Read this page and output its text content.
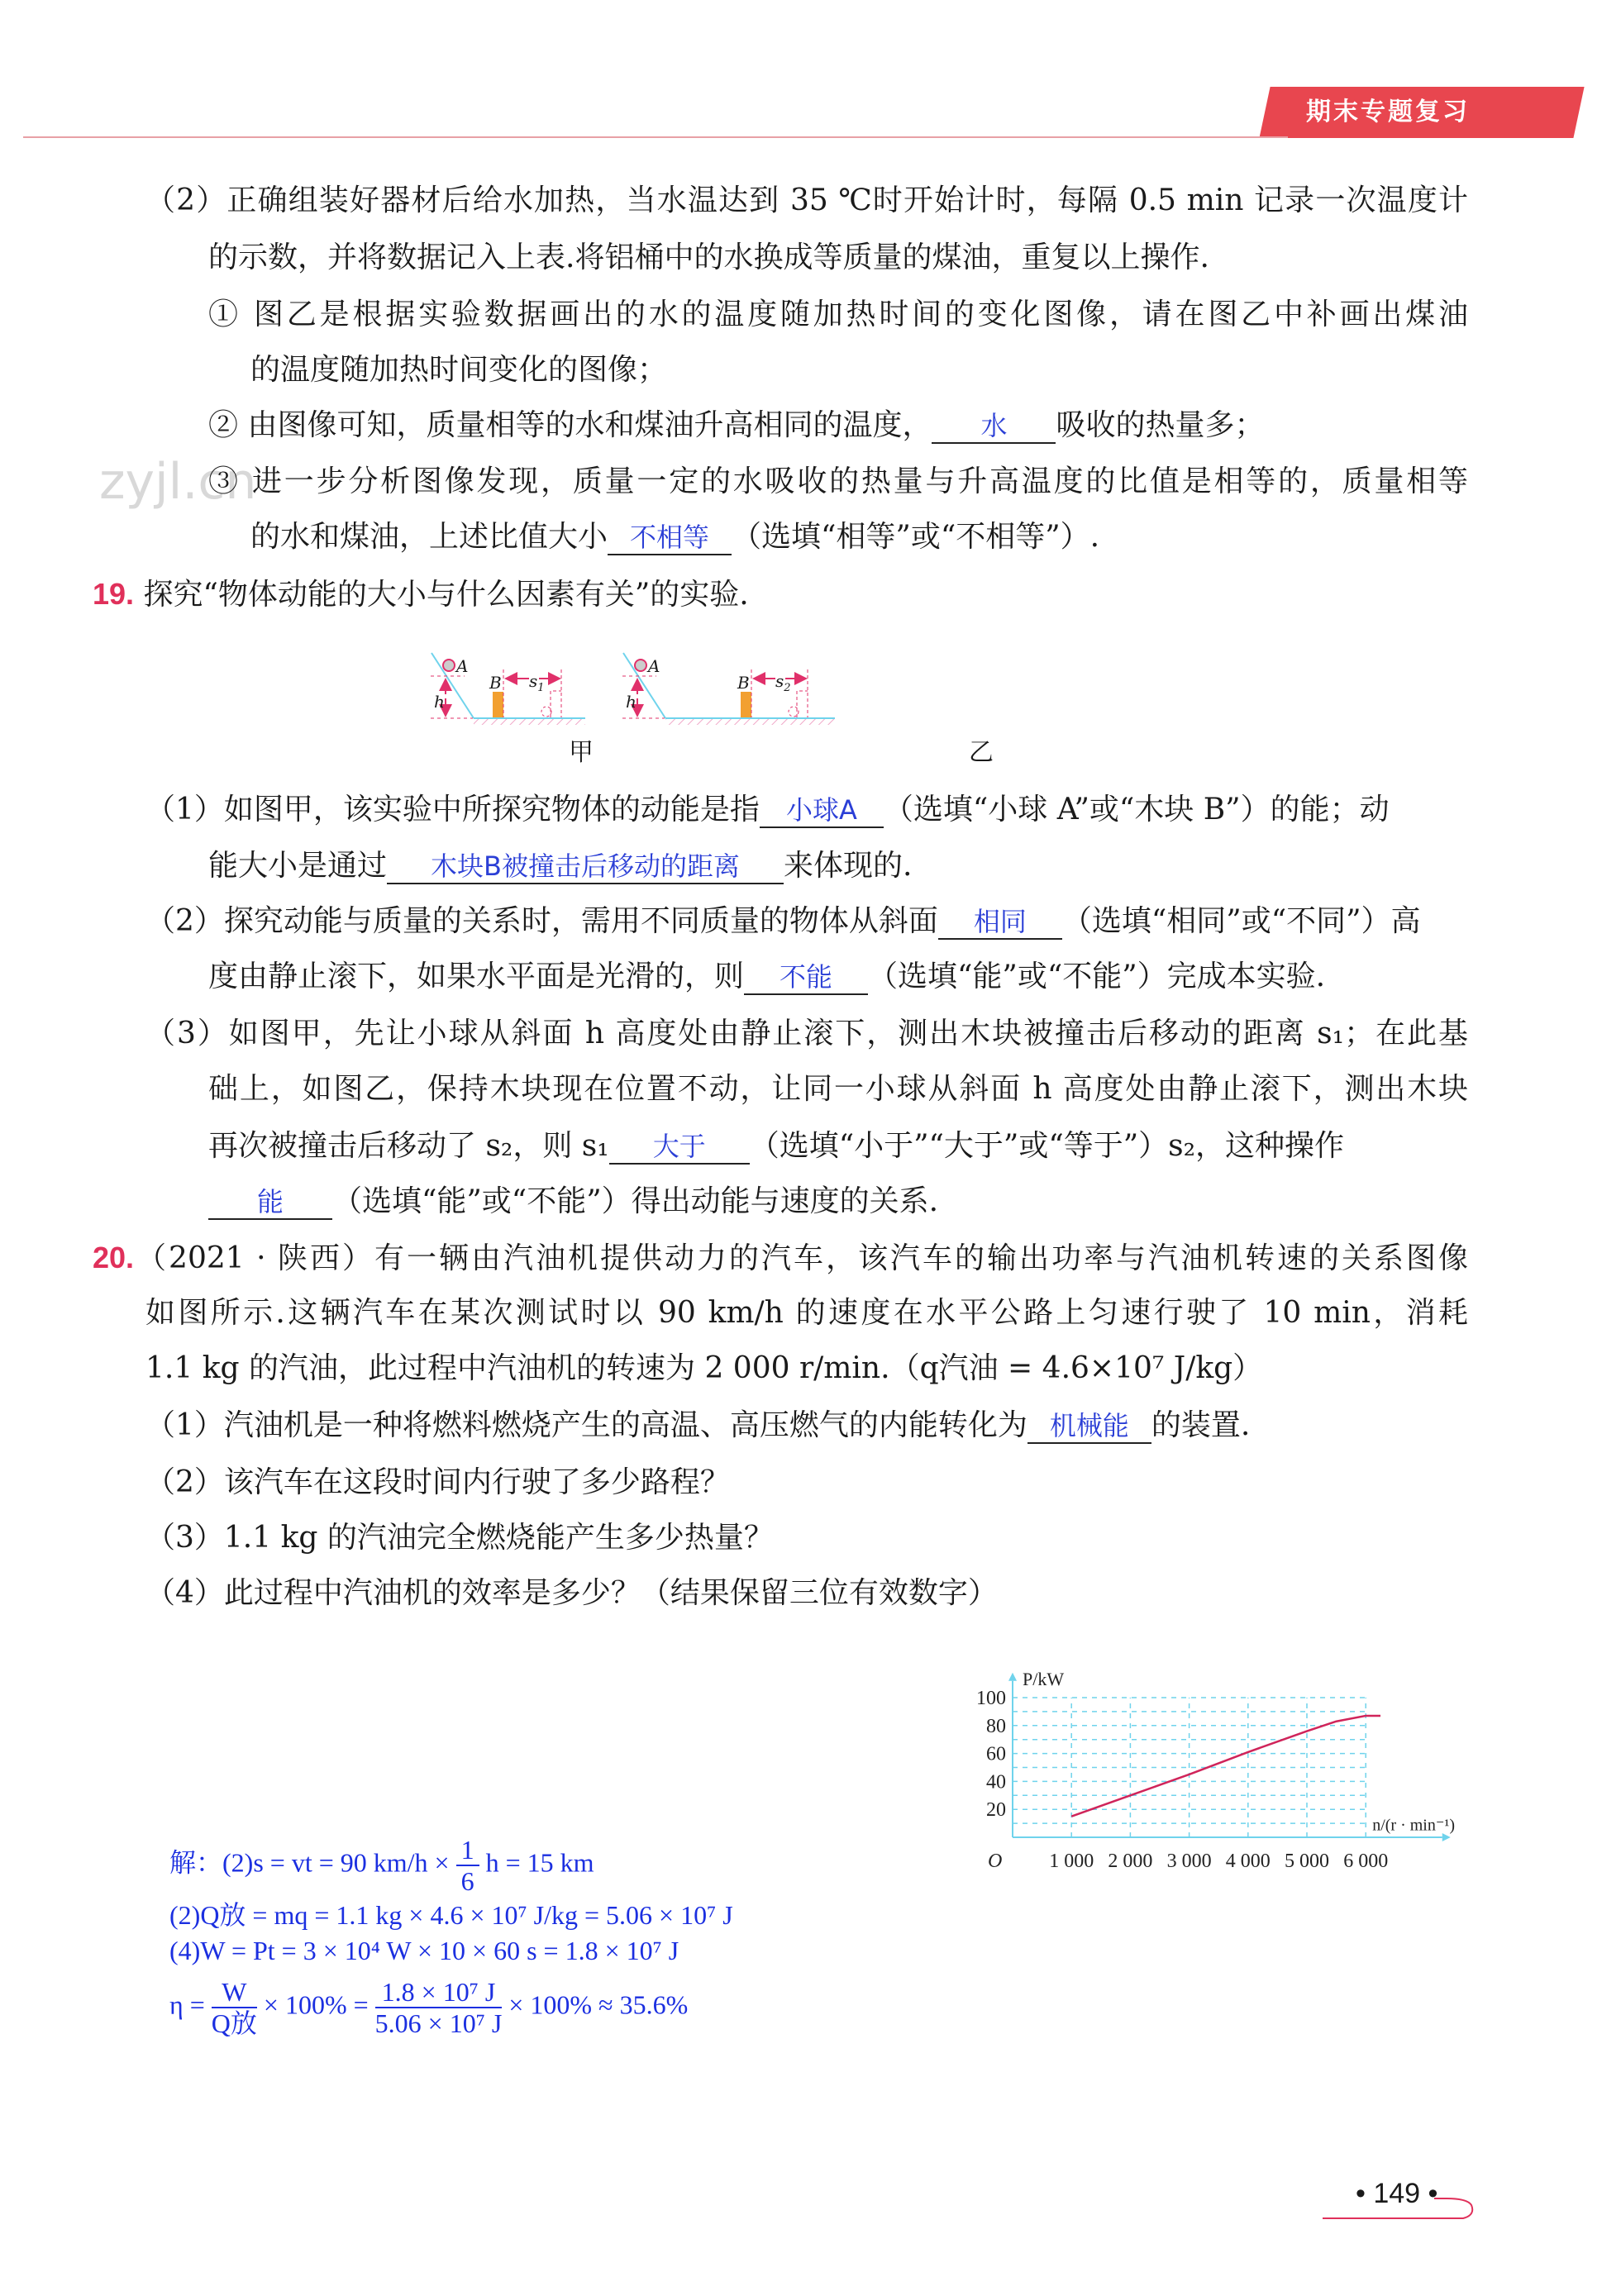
期末专题复习
zyjl.cn
（2）正确组装好器材后给水加热，当水温达到 35 ℃时开始计时，每隔 0.5 min 记录一次温度计
的示数，并将数据记入上表.将铝桶中的水换成等质量的煤油，重复以上操作.
① 图乙是根据实验数据画出的水的温度随加热时间的变化图像，请在图乙中补画出煤油
的温度随加热时间变化的图像；
② 由图像可知，质量相等的水和煤油升高相同的温度， 水 吸收的热量多；
③ 进一步分析图像发现，质量一定的水吸收的热量与升高温度的比值是相等的，质量相等
的水和煤油，上述比值大小 不相等 （选填“相等”或“不相等”）.
19. 探究“物体动能的大小与什么因素有关”的实验.
A	A
B	B
h	h
$s_1$	$s_2$
甲	乙
（1）如图甲，该实验中所探究物体的动能是指 小球A （选填“小球 A”或“木块 B”）的能；动
能大小是通过 木块B被撞击后移动的距离 来体现的.
（2）探究动能与质量的关系时，需用不同质量的物体从斜面 相同 （选填“相同”或“不同”）高
度由静止滚下，如果水平面是光滑的，则 不能 （选填“能”或“不能”）完成本实验.
（3）如图甲，先让小球从斜面 h 高度处由静止滚下，测出木块被撞击后移动的距离 s₁；在此基
础上，如图乙，保持木块现在位置不动，让同一小球从斜面 h 高度处由静止滚下，测出木块
再次被撞击后移动了 s₂，则 s₁ 大于 （选填“小于”“大于”或“等于”）s₂，这种操作
能 （选填“能”或“不能”）得出动能与速度的关系.
20.（2021 · 陕西）有一辆由汽油机提供动力的汽车，该汽车的输出功率与汽油机转速的关系图像
如图所示.这辆汽车在某次测试时以 90 km/h 的速度在水平公路上匀速行驶了 10 min，消耗
1.1 kg 的汽油，此过程中汽油机的转速为 2 000 r/min.（q汽油 = 4.6×10⁷ J/kg）
（1）汽油机是一种将燃料燃烧产生的高温、高压燃气的内能转化为 机械能 的装置.
（2）该汽车在这段时间内行驶了多少路程？
（3）1.1 kg 的汽油完全燃烧能产生多少热量？
（4）此过程中汽油机的效率是多少？（结果保留三位有效数字）
1 000 2 000 3 000 4 000 5 000 6 000
20
40
60
80
100
O
P/kW
n/(r · min⁻¹)
解：(2)s = vt = 90 $km/h \times \frac{1}{6}$ h = 15 km
(2)Q放 = mq = 1.1 kg × 4.6 × 10⁷ J/kg = 5.06 × 10⁷ J
(4)W = Pt = 3 × 10⁴ W × 10 × 60 s = 1.8 × 10⁷ J
$\eta = \frac{W}{\text{Q放}} \times 100\% = \frac{\text{1.8 × 10⁷ J}}{\text{5.06 × 10⁷ J}} \times 100\% \approx 35.6\%$
• 149 •
